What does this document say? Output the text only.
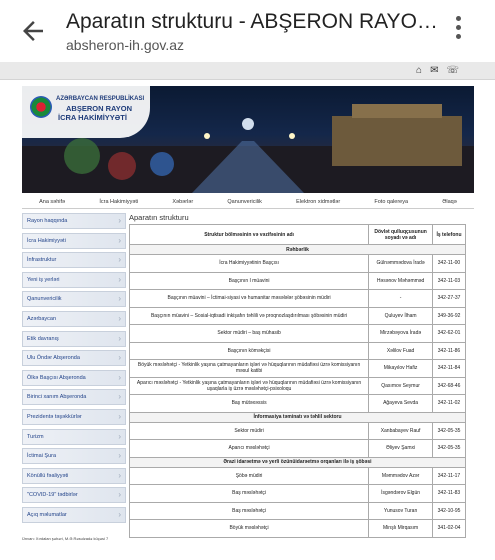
Aparatın strukturu - ABŞERON RAYO…
absheron-ih.gov.az
⌂ ✉ ☏
AZƏRBAYCAN RESPUBLİKASI
ABŞERON RAYON
İCRA HAKİMİYYƏTİ
Ana səhifə	İcra Hakimiyyəti	Xəbərlər	Qanunvericilik	Elektron xidmətlər	Foto qalereya	Əlaqə
Rayon haqqında ›
İcra Hakimiyyəti ›
İnfrastruktur ›
Yeni iş yerləri ›
Qanunvericilik ›
Azərbaycan ›
Etik davranış ›
Ulu Öndər Abşeronda ›
Ölkə Başçısı Abşeronda ›
Birinci xanım Abşeronda ›
Prezidentə təşəkkürlər ›
Turizm ›
İctimai Şura ›
Könüllü fəaliyyəti ›
"COVID-19" tədbirlər ›
Açıq məlumatlar ›
Ünvan: Xırdalan şəhəri, M.Ə.Rəsulzadə küçəsi 7
Aparatın strukturu
Struktur bölməsinin və vəzifəsinin adı	Dövlət qulluqçusunun soyadı və adı	İş telefonu
Rəhbərlik		
İcra Hakimiyyətinin Başçısı	Gülnəmmədova İradə	342-11-00
Başçının I müavini	Həsənov Məhəmməd	342-11-03
Başçının müavini – İctimai-siyasi və humanitar məsələlər şöbəsinin müdiri	-	342-27-37
Başçının müavini – Sosial-iqtisadi inkişafın təhlili və proqnozlaşdırılması şöbəsinin müdiri	Quluyev İlham	349-36-92
Sektor müdiri – baş mühasib	Mirzəbəyova İradə	342-62-01
Başçının köməkçisi	Xəlilov Fuad	342-11-86
Böyük məsləhətçi - Yetkinlik yaşına çatmayanların işləri və hüquqlarının müdafiəsi üzrə komissiyanın məsul katibi	Mikayılov Hafiz	342-11-84
Aparıcı məsləhətçi - Yetkinlik yaşına çatmayanların işləri və hüquqlarının müdafiəsi üzrə komissiyanın uşaqlarla iş üzrə məsləhətçi-psixoloqu	Qasımov Seymur	342-68-46
Baş mütəxəssis	Ağayeva Sevda	342-11-02
İnformasiya təminatı və təhlil sektoru		
Sektor müdiri	Xanbabayev Rauf	342-05-35
Aparıcı məsləhətçi	Əliyev Şamxi	342-05-35
Ərazi idarəetmə və yerli özünüidarəetmə orqanları ilə iş şöbəsi		
Şöbə müdiri	Məmmədov Azər	342-11-17
Baş məsləhətçi	İsgəndərov Elgün	342-11-83
Baş məsləhətçi	Yunusov Turan	342-10-95
Böyük məsləhətçi	Mirışlı Mirqasım	341-02-04
